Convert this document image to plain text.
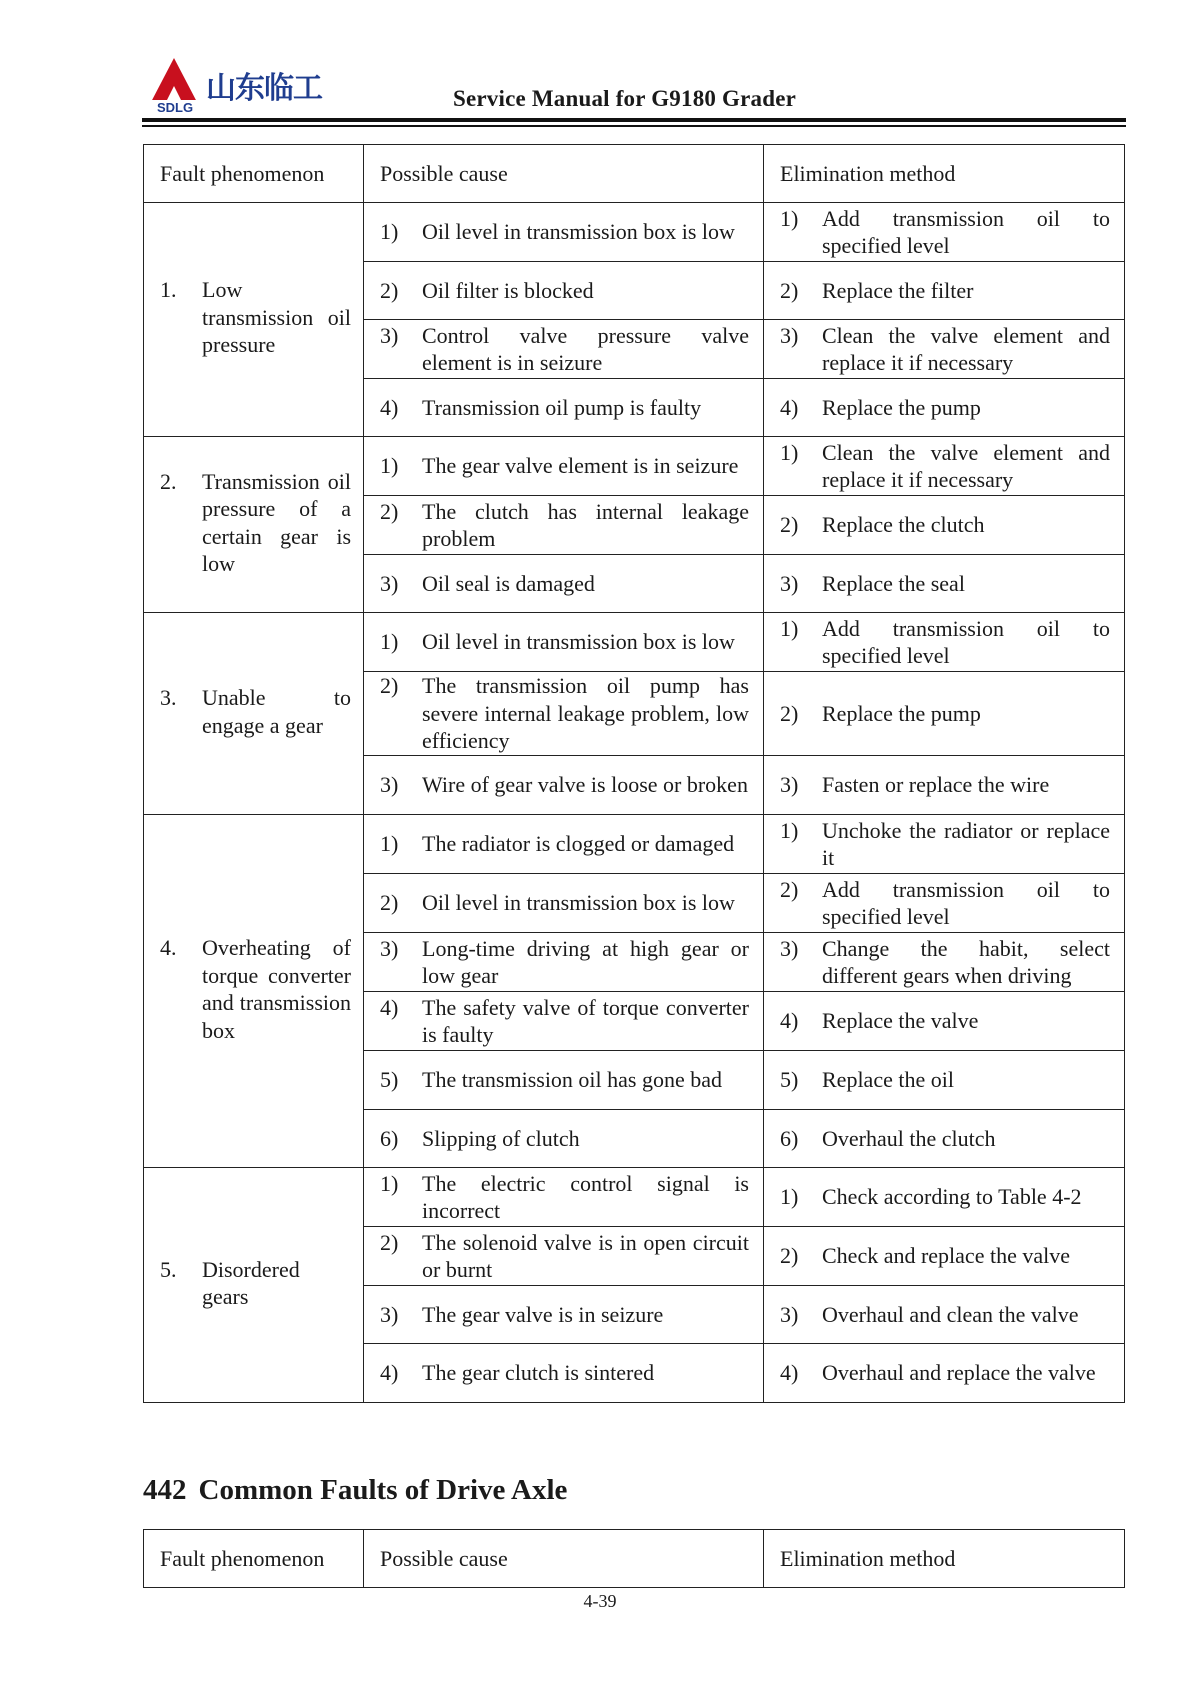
SDLG
山东临工	Service Manual for G9180 Grader
Fault phenomenon	Possible cause	Elimination method

1. Low transmission oil pressure	1) Oil level in transmission box is low	1) Add transmission oil to specified level

	2) Oil filter is blocked	2) Replace the filter

	3) Control valve pressure valve element is in seizure	3) Clean the valve element and replace it if necessary

	4) Transmission oil pump is faulty	4) Replace the pump

2. Transmission oil pressure of a certain gear is low	1) The gear valve element is in seizure	1) Clean the valve element and replace it if necessary

	2) The clutch has internal leakage problem	2) Replace the clutch

	3) Oil seal is damaged	3) Replace the seal

3. Unable to engage a gear	1) Oil level in transmission box is low	1) Add transmission oil to specified level

	2) The transmission oil pump has severe internal leakage problem, low efficiency	2) Replace the pump

	3) Wire of gear valve is loose or broken	3) Fasten or replace the wire

4. Overheating of torque converter and transmission box	1) The radiator is clogged or damaged	1) Unchoke the radiator or replace it

	2) Oil level in transmission box is low	2) Add transmission oil to specified level

	3) Long-time driving at high gear or low gear	3) Change the habit, select different gears when driving

	4) The safety valve of torque converter is faulty	4) Replace the valve

	5) The transmission oil has gone bad	5) Replace the oil

	6) Slipping of clutch	6) Overhaul the clutch

5. Disordered gears	1) The electric control signal is incorrect	1) Check according to Table 4-2

	2) The solenoid valve is in open circuit or burnt	2) Check and replace the valve

	3) The gear valve is in seizure	3) Overhaul and clean the valve

	4) The gear clutch is sintered	4) Overhaul and replace the valve
442 Common Faults of Drive Axle
Fault phenomenon	Possible cause	Elimination method
4-39
